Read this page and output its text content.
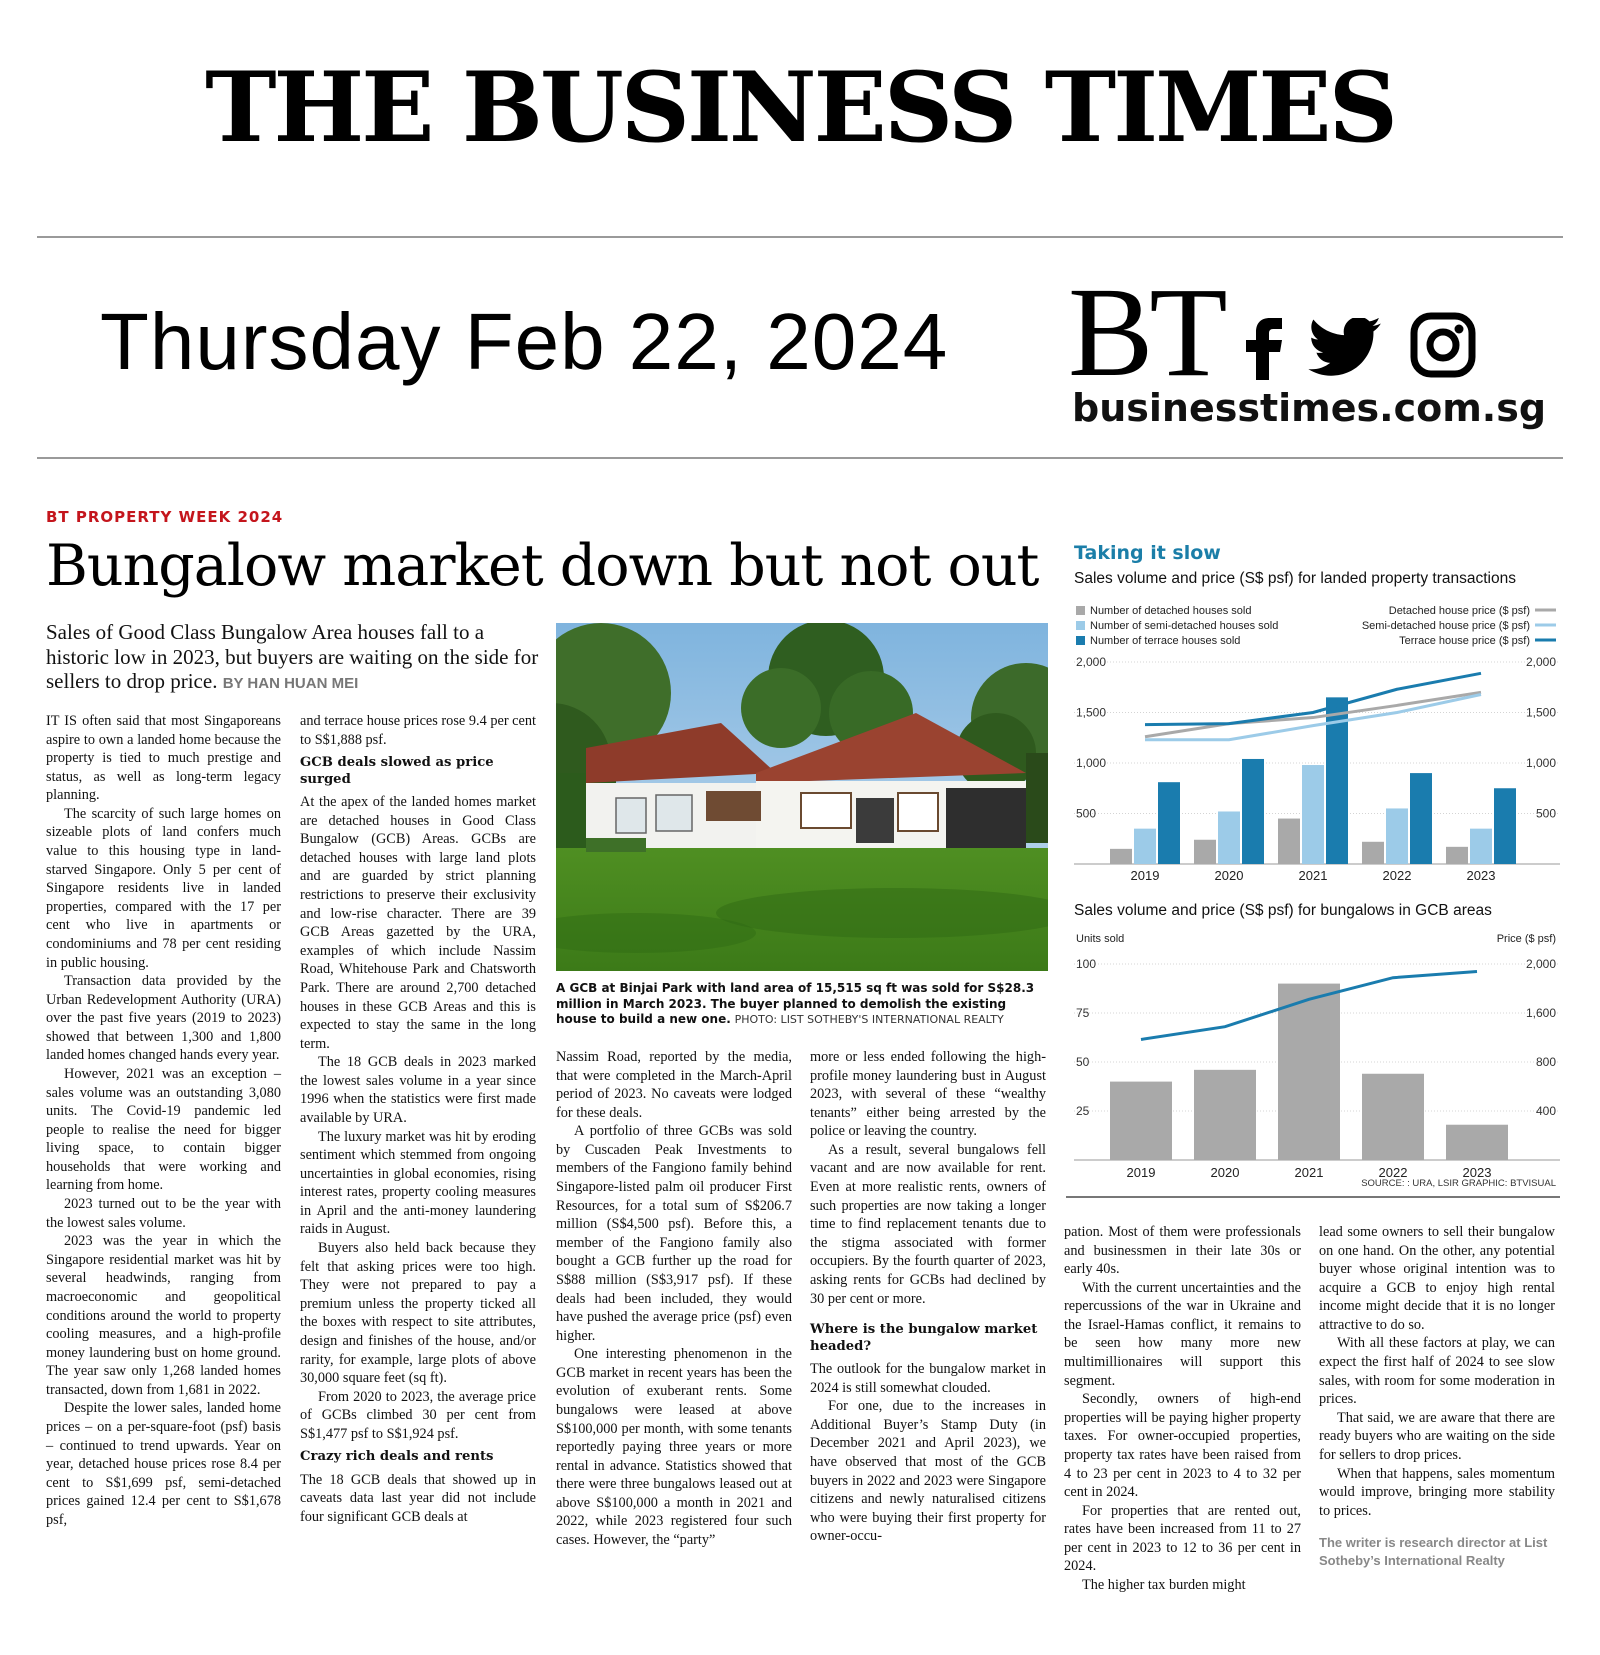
THE BUSINESS TIMES
Thursday Feb 22, 2024 BT
businesstimes.com.sg
BT PROPERTY WEEK 2024
Bungalow market down but not out
Sales of Good Class Bungalow Area houses fall to a historic low in 2023, but buyers are waiting on the side for sellers to drop price. BY HAN HUAN MEI

IT IS often said that most Singaporeans aspire to own a landed home because the property is tied to much prestige and status, as well as long-term legacy planning.

The scarcity of such large homes on sizeable plots of land confers much value to this housing type in land-starved Singapore. Only 5 per cent of Singapore residents live in landed properties, compared with the 17 per cent who live in apartments or condominiums and 78 per cent residing in public housing.

Transaction data provided by the Urban Redevelopment Authority (URA) over the past five years (2019 to 2023) showed that between 1,300 and 1,800 landed homes changed hands every year.

However, 2021 was an exception – sales volume was an outstanding 3,080 units. The Covid-19 pandemic led people to realise the need for bigger living space, to contain bigger households that were working and learning from home.

2023 turned out to be the year with the lowest sales volume.

2023 was the year in which the Singapore residential market was hit by several headwinds, ranging from macroeconomic and geopolitical conditions around the world to property cooling measures, and a high-profile money laundering bust on home ground. The year saw only 1,268 landed homes transacted, down from 1,681 in 2022.

Despite the lower sales, landed home prices – on a per-square-foot (psf) basis – continued to trend upwards. Year on year, detached house prices rose 8.4 per cent to S$1,699 psf, semi-detached prices gained 12.4 per cent to S$1,678 psf,

and terrace house prices rose 9.4 per cent to S$1,888 psf.

GCB deals slowed as price surged

At the apex of the landed homes market are detached houses in Good Class Bungalow (GCB) Areas. GCBs are detached houses with large land plots and are guarded by strict planning restrictions to preserve their exclusivity and low-rise character. There are 39 GCB Areas gazetted by the URA, examples of which include Nassim Road, Whitehouse Park and Chatsworth Park. There are around 2,700 detached houses in these GCB Areas and this is expected to stay the same in the long term.

The 18 GCB deals in 2023 marked the lowest sales volume in a year since 1996 when the statistics were first made available by URA.

The luxury market was hit by eroding sentiment which stemmed from ongoing uncertainties in global economies, rising interest rates, property cooling measures in April and the anti-money laundering raids in August.

Buyers also held back because they felt that asking prices were too high. They were not prepared to pay a premium unless the property ticked all the boxes with respect to site attributes, design and finishes of the house, and/or rarity, for example, large plots of above 30,000 square feet (sq ft).

From 2020 to 2023, the average price of GCBs climbed 30 per cent from S$1,477 psf to S$1,924 psf.

Crazy rich deals and rents

The 18 GCB deals that showed up in caveats data last year did not include four significant GCB deals at

A GCB at Binjai Park with land area of 15,515 sq ft was sold for S$28.3 million in March 2023. The buyer planned to demolish the existing house to build a new one. PHOTO: LIST SOTHEBY'S INTERNATIONAL REALTY

Nassim Road, reported by the media, that were completed in the March-April period of 2023. No caveats were lodged for these deals.

A portfolio of three GCBs was sold by Cuscaden Peak Investments to members of the Fangiono family behind Singapore-listed palm oil producer First Resources, for a total sum of S$206.7 million (S$4,500 psf). Before this, a member of the Fangiono family also bought a GCB further up the road for S$88 million (S$3,917 psf). If these deals had been included, they would have pushed the average price (psf) even higher.

One interesting phenomenon in the GCB market in recent years has been the evolution of exuberant rents. Some bungalows were leased at above S$100,000 per month, with some tenants reportedly paying three years or more rental in advance. Statistics showed that there were three bungalows leased out at above S$100,000 a month in 2021 and 2022, while 2023 registered four such cases. However, the “party”

more or less ended following the high-profile money laundering bust in August 2023, with several of these “wealthy tenants” either being arrested by the police or leaving the country.

As a result, several bungalows fell vacant and are now available for rent. Even at more realistic rents, owners of such properties are now taking a longer time to find replacement tenants due to the stigma associated with former occupiers. By the fourth quarter of 2023, asking rents for GCBs had declined by 30 per cent or more.

Where is the bungalow market headed?

The outlook for the bungalow market in 2024 is still somewhat clouded.

For one, due to the increases in Additional Buyer’s Stamp Duty (in December 2021 and April 2023), we have observed that most of the GCB buyers in 2022 and 2023 were Singapore citizens and newly naturalised citizens who were buying their first property for owner-occu-

pation. Most of them were professionals and businessmen in their late 30s or early 40s.

With the current uncertainties and the repercussions of the war in Ukraine and the Israel-Hamas conflict, it remains to be seen how many more new multimillionaires will support this segment.

Secondly, owners of high-end properties will be paying higher property taxes. For owner-occupied properties, property tax rates have been raised from 4 to 23 per cent in 2023 to 4 to 32 per cent in 2024.

For properties that are rented out, rates have been increased from 11 to 27 per cent in 2023 to 12 to 36 per cent in 2024.

The higher tax burden might

lead some owners to sell their bungalow on one hand. On the other, any potential buyer whose original intention was to acquire a GCB to enjoy high rental income might decide that it is no longer attractive to do so.

With all these factors at play, we can expect the first half of 2024 to see slow sales, with room for some moderation in prices.

That said, we are aware that there are ready buyers who are waiting on the side for sellers to drop prices.

When that happens, sales momentum would improve, bringing more stability to prices.

The writer is research director at List Sotheby’s International Realty
Taking it slow
Sales volume and price (S$ psf) for landed property transactions
Number of detached houses sold
Number of semi-detached houses sold
Number of terrace houses sold
Detached house price ($ psf)
Semi-detached house price ($ psf)
Terrace house price ($ psf)
2,000	2,000
1,500	1,500
1,000	1,000
500	500
2019	2020	2021	2022	2023
Sales volume and price (S$ psf) for bungalows in GCB areas
Units sold	Price ($ psf)
100	2,000
75	1,600
50	800
25	400
2019	2020	2021	2022	2023
SOURCE: : URA, LSIR GRAPHIC: BTVISUAL
